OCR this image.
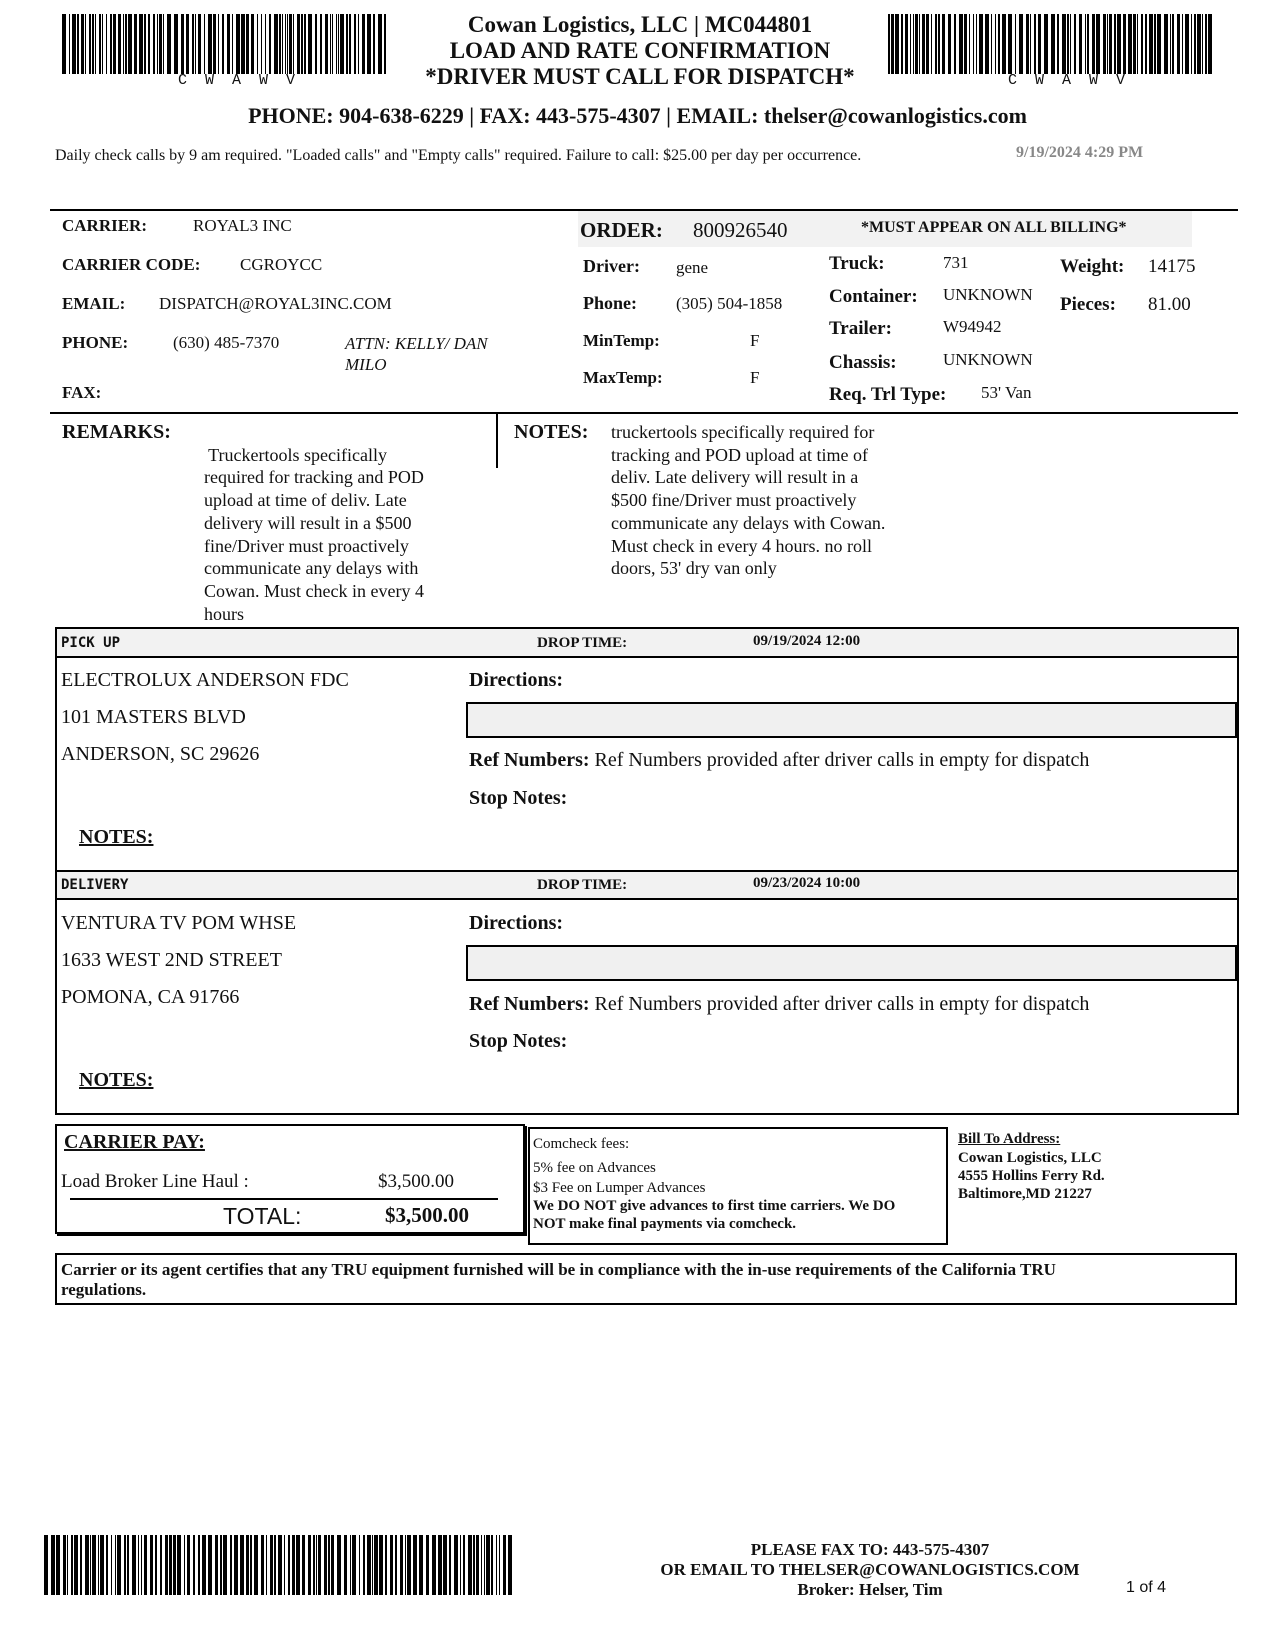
C  W  A  W  V
Cowan Logistics, LLC | MC044801
LOAD AND RATE CONFIRMATION
*DRIVER MUST CALL FOR DISPATCH*	C  W  A  W  V
PHONE: 904-638-6229 | FAX: 443-575-4307 | EMAIL: thelser@cowanlogistics.com
Daily check calls by 9 am required. "Loaded calls" and "Empty calls" required. Failure to call: $25.00 per day per occurrence.	9/19/2024 4:29 PM
CARRIER:	ROYAL3 INC
CARRIER CODE: CGROYCC
EMAIL: DISPATCH@ROYAL3INC.COM
PHONE:	(630) 485-7370	ATTN: KELLY/ DAN MILO
FAX:
ORDER: 800926540	*MUST APPEAR ON ALL BILLING*
Driver: gene
Phone: (305) 504-1858
MinTemp:	F
MaxTemp:	F
Truck:	731
Container: UNKNOWN
Trailer:	W94942
Chassis:	UNKNOWN
Req. Trl Type: 53' Van
Weight: 14175
Pieces: 81.00
REMARKS:

Truckertools specifically
required for tracking and POD
upload at time of deliv. Late
delivery will result in a $500
fine/Driver must proactively
communicate any delays with
Cowan. Must check in every 4
hours

NOTES: truckertools specifically required for
tracking and POD upload at time of
deliv. Late delivery will result in a
$500 fine/Driver must proactively
communicate any delays with Cowan.
Must check in every 4 hours. no roll
doors, 53' dry van only
PICK UP	DROP TIME:	09/19/2024 12:00
ELECTROLUX ANDERSON FDC
101 MASTERS BLVD
ANDERSON, SC 29626
Directions:
Ref Numbers: Ref Numbers provided after driver calls in empty for dispatch
Stop Notes:
NOTES:
DELIVERY	DROP TIME:	09/23/2024 10:00
VENTURA TV POM WHSE
1633 WEST 2ND STREET
POMONA, CA 91766
Directions:
Ref Numbers: Ref Numbers provided after driver calls in empty for dispatch
Stop Notes:
NOTES:
CARRIER PAY:
Load Broker Line Haul :	$3,500.00
TOTAL:	$3,500.00
Comcheck fees:
5% fee on Advances
$3 Fee on Lumper Advances
We DO NOT give advances to first time carriers. We DO
NOT make final payments via comcheck.
Bill To Address:
Cowan Logistics, LLC
4555 Hollins Ferry Rd.
Baltimore,MD 21227
Carrier or its agent certifies that any TRU equipment furnished will be in compliance with the in-use requirements of the California TRU
regulations.
PLEASE FAX TO: 443-575-4307
OR EMAIL TO THELSER@COWANLOGISTICS.COM
Broker: Helser, Tim	1 of 4
